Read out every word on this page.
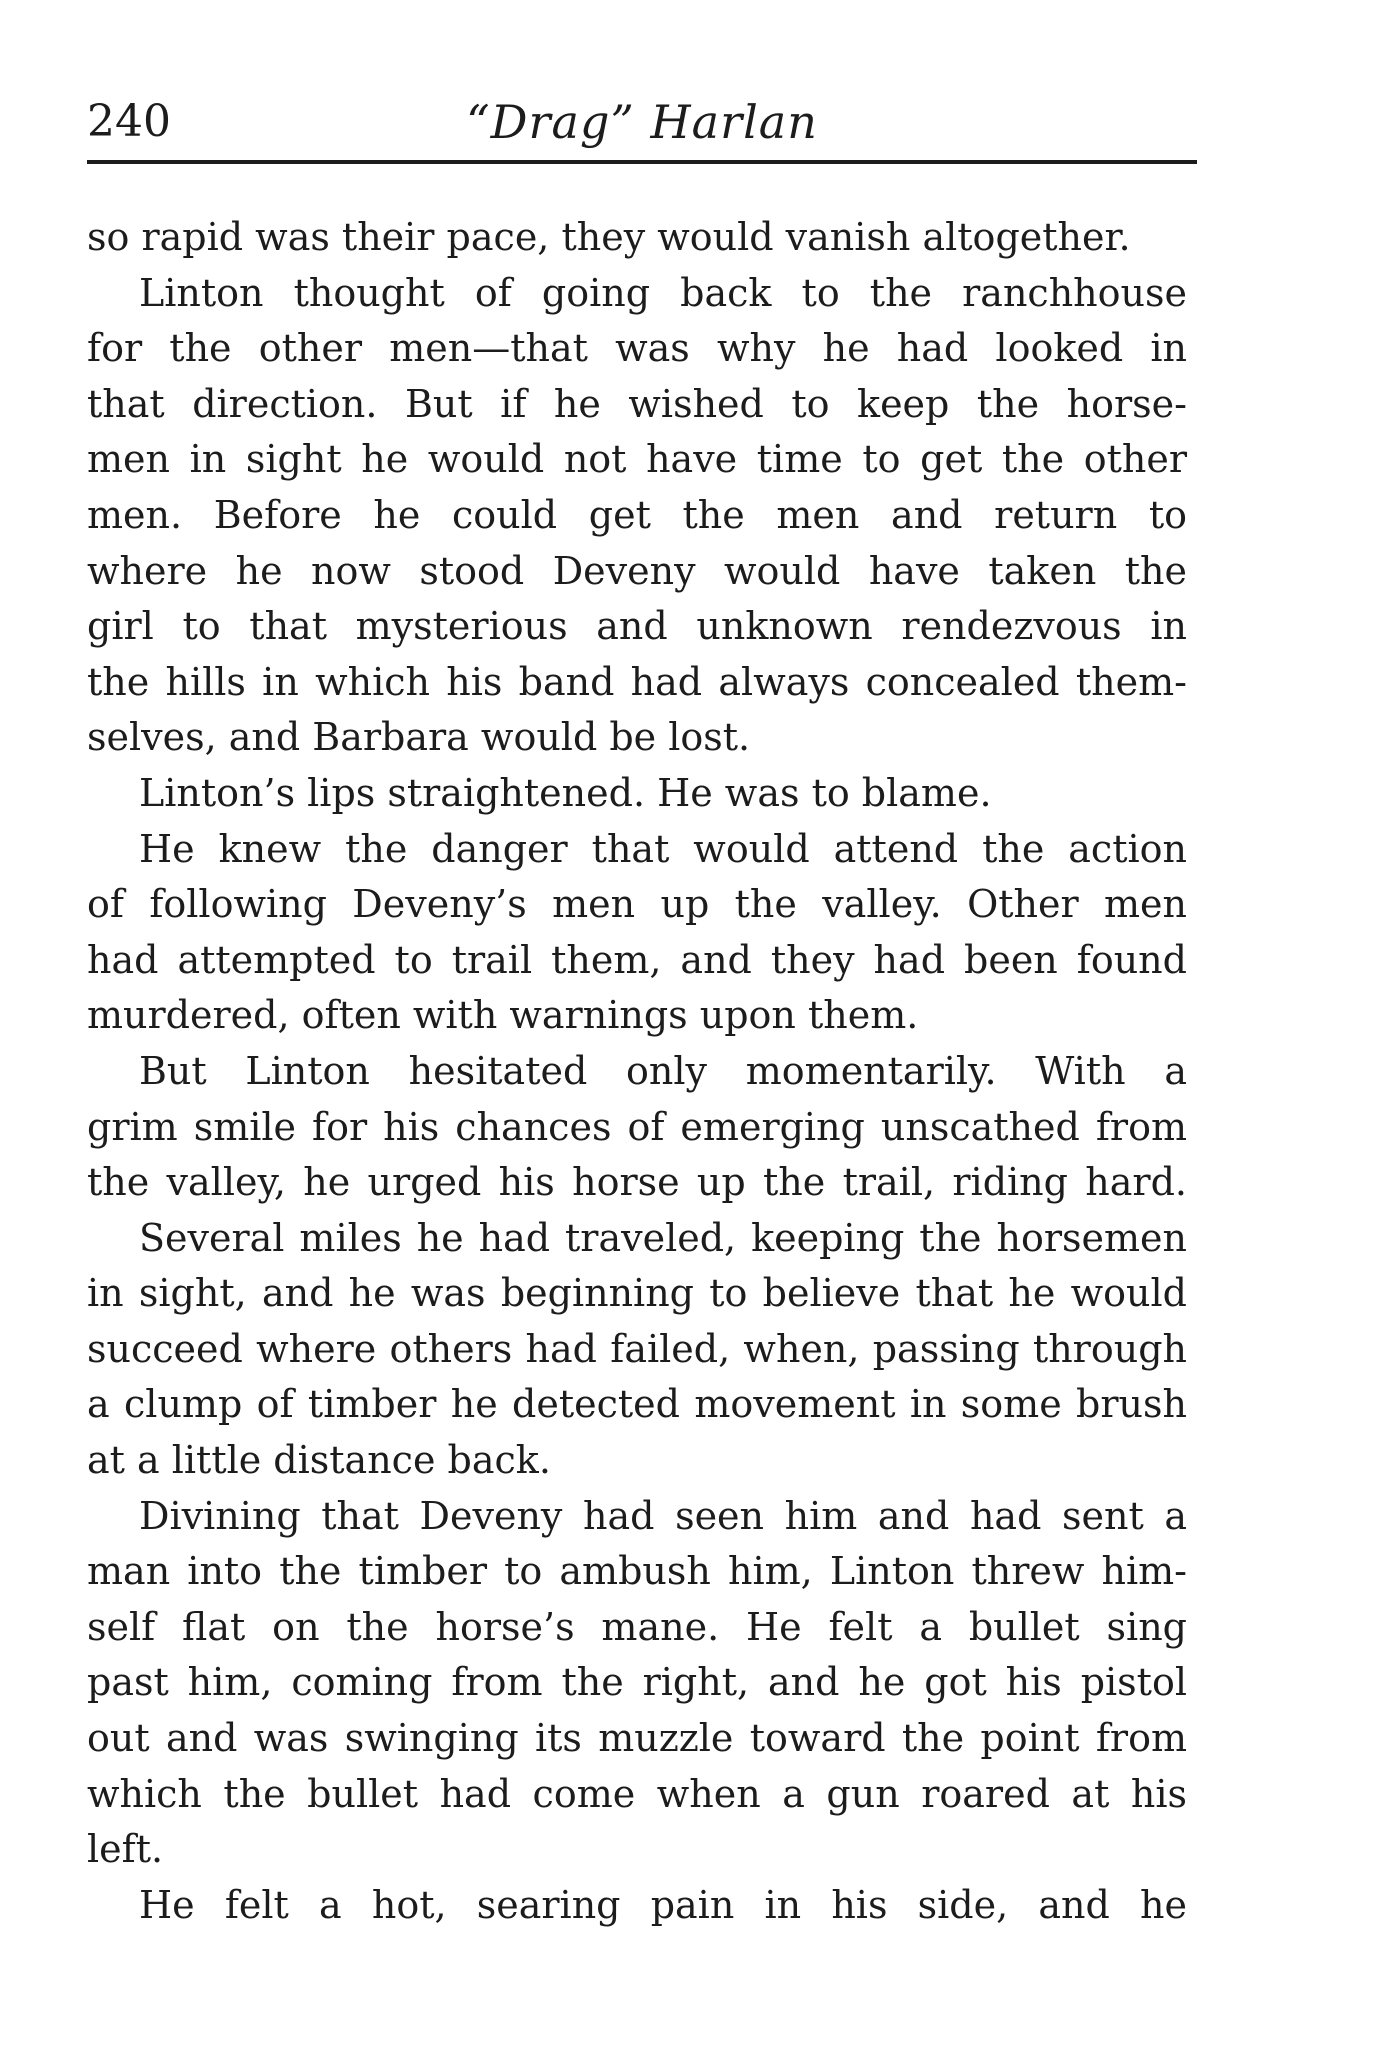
240	“Drag” Harlan
so rapid was their pace, they would vanish altogether.
Linton thought of going back to the ranchhouse
for the other men—that was why he had looked in
that direction. But if he wished to keep the horse-
men in sight he would not have time to get the other
men. Before he could get the men and return to
where he now stood Deveny would have taken the
girl to that mysterious and unknown rendezvous in
the hills in which his band had always concealed them-
selves, and Barbara would be lost.
Linton’s lips straightened. He was to blame.
He knew the danger that would attend the action
of following Deveny’s men up the valley. Other men
had attempted to trail them, and they had been found
murdered, often with warnings upon them.
But Linton hesitated only momentarily. With a
grim smile for his chances of emerging unscathed from
the valley, he urged his horse up the trail, riding hard.
Several miles he had traveled, keeping the horsemen
in sight, and he was beginning to believe that he would
succeed where others had failed, when, passing through
a clump of timber he detected movement in some brush
at a little distance back.
Divining that Deveny had seen him and had sent a
man into the timber to ambush him, Linton threw him-
self flat on the horse’s mane. He felt a bullet sing
past him, coming from the right, and he got his pistol
out and was swinging its muzzle toward the point from
which the bullet had come when a gun roared at his
left.
He felt a hot, searing pain in his side, and he
